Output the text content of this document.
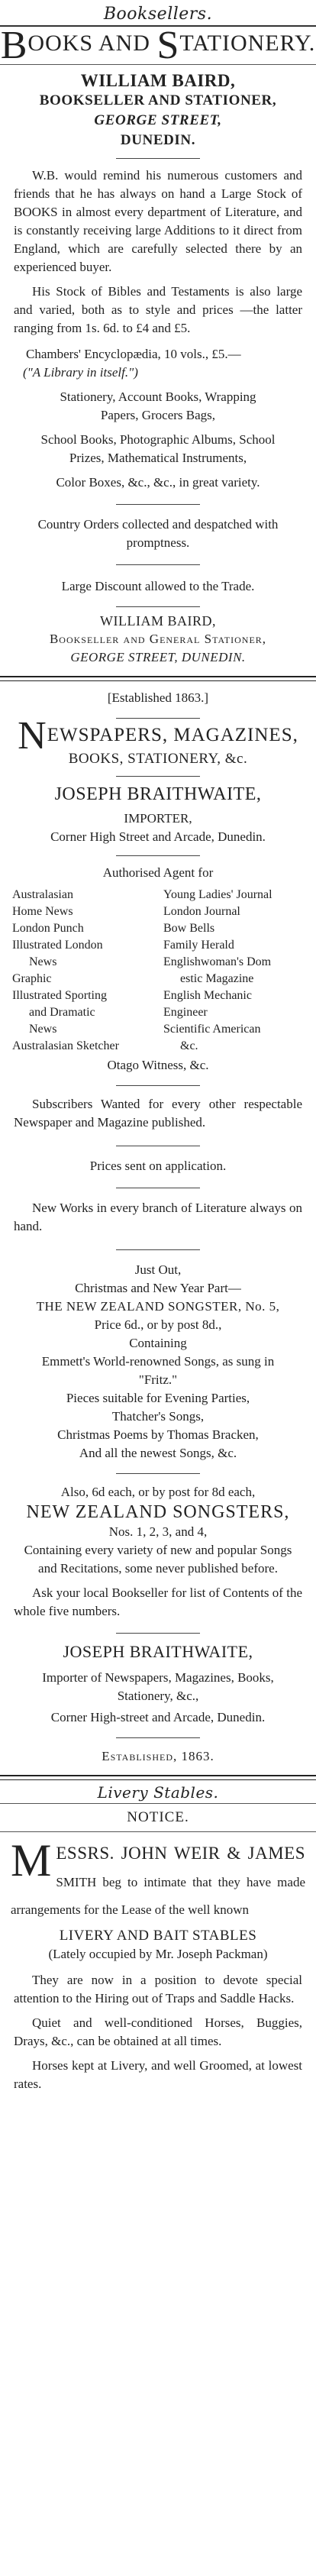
Booksellers.
BOOKS AND STATIONERY.
WILLIAM BAIRD,
BOOKSELLER AND STATIONER,
GEORGE STREET,
DUNEDIN.

W.B. would remind his numerous customers and friends that he has always on hand a Large Stock of BOOKS in almost every department of Literature, and is constantly receiving large Additions to it direct from England, which are carefully selected there by an experienced buyer.

His Stock of Bibles and Testaments is also large and varied, both as to style and prices —the latter ranging from 1s. 6d. to £4 and £5.

Chambers' Encyclopædia, 10 vols., £5.—
("A Library in itself.")
Stationery, Account Books, Wrapping
Papers, Grocers Bags,
School Books, Photographic Albums, School
Prizes, Mathematical Instruments,
Color Boxes, &c., &c., in great variety.

Country Orders collected and despatched with promptness.

Large Discount allowed to the Trade.
WILLIAM BAIRD,
Bookseller and General Stationer,
GEORGE STREET, DUNEDIN.
[Established 1863.]
NEWSPAPERS, MAGAZINES,
BOOKS, STATIONERY, &c.
JOSEPH BRAITHWAITE,
IMPORTER,
Corner High Street and Arcade, Dunedin.
Authorised Agent for
Australasian
Home News
London Punch
Illustrated London
News
Graphic
Illustrated Sporting
and Dramatic
News
Australasian Sketcher
Young Ladies' Journal
London Journal
Bow Bells
Family Herald
Englishwoman's Dom
estic Magazine
English Mechanic
Engineer
Scientific American
&c.
Otago Witness, &c.

Subscribers Wanted for every other respectable Newspaper and Magazine published.

Prices sent on application.

New Works in every branch of Literature always on hand.

Just Out,
Christmas and New Year Part—
THE NEW ZEALAND SONGSTER, No. 5,
Price 6d., or by post 8d.,
Containing

Emmett's World-renowned Songs, as sung in "Fritz."

Pieces suitable for Evening Parties,
Thatcher's Songs,
Christmas Poems by Thomas Bracken,
And all the newest Songs, &c.
Also, 6d each, or by post for 8d each,
NEW ZEALAND SONGSTERS,
Nos. 1, 2, 3, and 4,

Containing every variety of new and popular Songs and Recitations, some never published before.

Ask your local Bookseller for list of Contents of the whole five numbers.

JOSEPH BRAITHWAITE,

Importer of Newspapers, Magazines, Books, Stationery, &c.,

Corner High-street and Arcade, Dunedin.
Established, 1863.
Livery Stables.
NOTICE.
M ESSRS. JOHN WEIR & JAMES SMITH beg to intimate that they have made arrangements for the Lease of the well known
LIVERY AND BAIT STABLES
(Lately occupied by Mr. Joseph Packman)

They are now in a position to devote special attention to the Hiring out of Traps and Saddle Hacks.

Quiet and well-conditioned Horses, Buggies, Drays, &c., can be obtained at all times.

Horses kept at Livery, and well Groomed, at lowest rates.
